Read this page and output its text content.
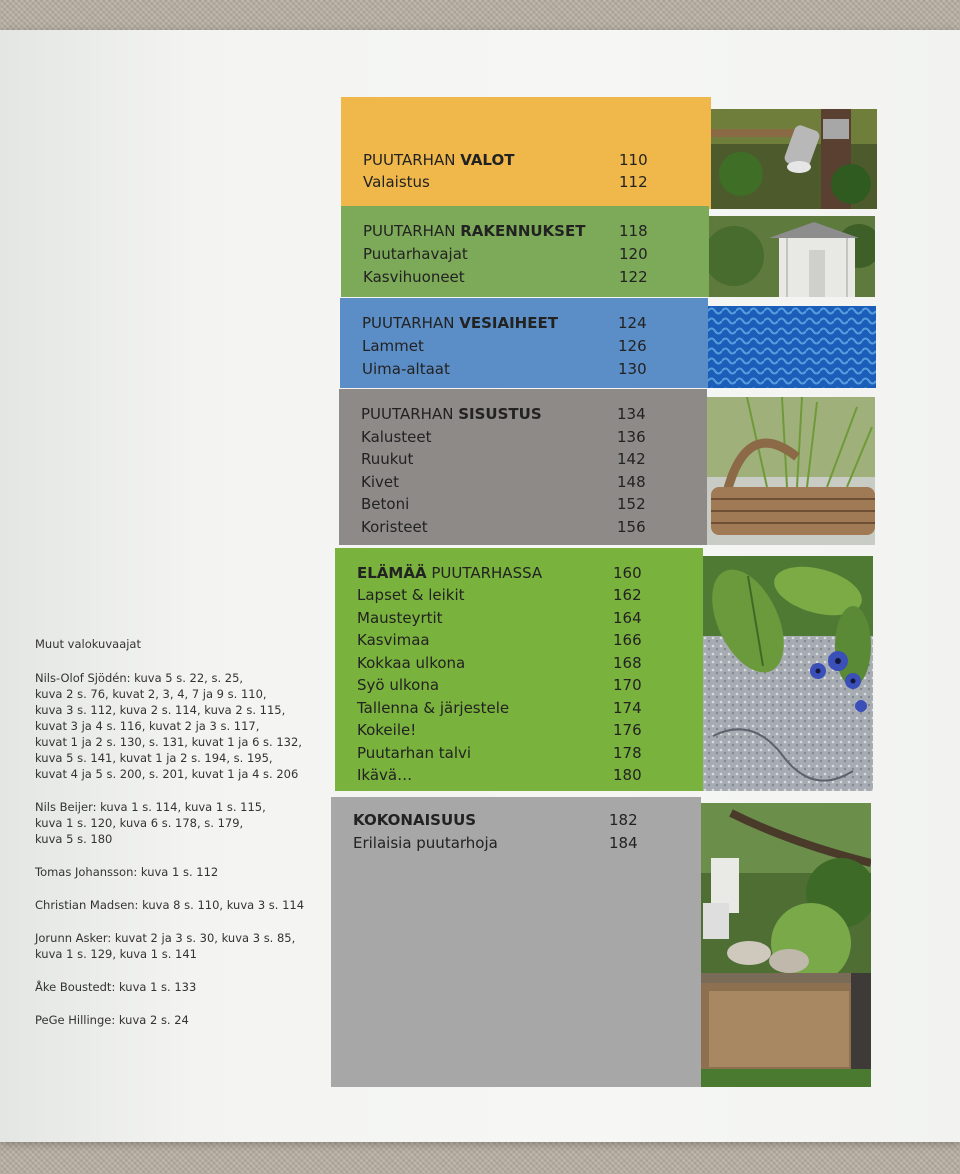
Muut valokuvaajat
Nils-Olof Sjödén: kuva 5 s. 22, s. 25,
kuva 2 s. 76, kuvat 2, 3, 4, 7 ja 9 s. 110,
kuva 3 s. 112, kuva 2 s. 114, kuva 2 s. 115,
kuvat 3 ja 4 s. 116, kuvat 2 ja 3 s. 117,
kuvat 1 ja 2 s. 130, s. 131, kuvat 1 ja 6 s. 132,
kuva 5 s. 141, kuvat 1 ja 2 s. 194, s. 195,
kuvat 4 ja 5 s. 200, s. 201, kuvat 1 ja 4 s. 206
Nils Beijer: kuva 1 s. 114, kuva 1 s. 115,
kuva 1 s. 120, kuva 6 s. 178, s. 179,
kuva 5 s. 180
Tomas Johansson: kuva 1 s. 112
Christian Madsen: kuva 8 s. 110, kuva 3 s. 114
Jorunn Asker: kuvat 2 ja 3 s. 30, kuva 3 s. 85,
kuva 1 s. 129, kuva 1 s. 141
Åke Boustedt: kuva 1 s. 133
PeGe Hillinge: kuva 2 s. 24
PUUTARHAN VALOT	110
Valaistus	112
PUUTARHAN RAKENNUKSET 118
Puutarhavajat	120
Kasvihuoneet	122
PUUTARHAN VESIAIHEET	124
Lammet	126
Uima-altaat	130
PUUTARHAN SISUSTUS	134
Kalusteet	136
Ruukut	142
Kivet	148
Betoni	152
Koristeet	156
ELÄMÄÄ PUUTARHASSA	160
Lapset & leikit	162
Mausteyrtit	164
Kasvimaa	166
Kokkaa ulkona	168
Syö ulkona	170
Tallenna & järjestele	174
Kokeile!	176
Puutarhan talvi	178
Ikävä…	180
KOKONAISUUS	182
Erilaisia puutarhoja	184
